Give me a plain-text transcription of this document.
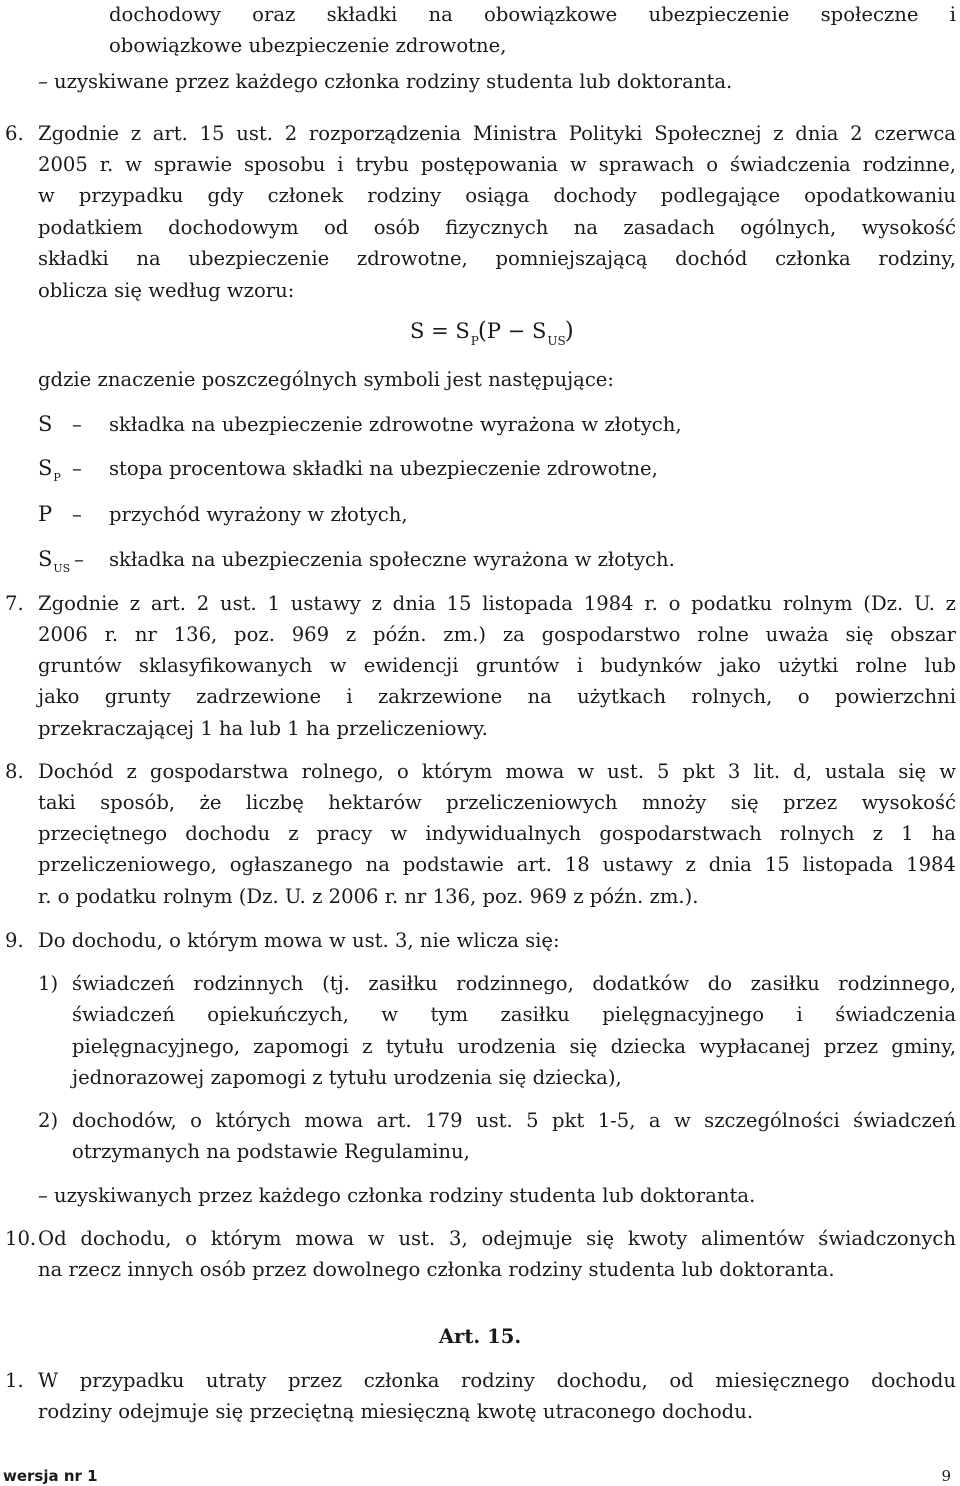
dochodowy oraz składki na obowiązkowe ubezpieczenie społeczne i
obowiązkowe ubezpieczenie zdrowotne,
– uzyskiwane przez każdego członka rodziny studenta lub doktoranta.
6. Zgodnie z art. 15 ust. 2 rozporządzenia Ministra Polityki Społecznej z dnia 2 czerwca
2005 r. w sprawie sposobu i trybu postępowania w sprawach o świadczenia rodzinne,
w przypadku gdy członek rodziny osiąga dochody podlegające opodatkowaniu
podatkiem dochodowym od osób fizycznych na zasadach ogólnych, wysokość
składki na ubezpieczenie zdrowotne, pomniejszającą dochód członka rodziny,
oblicza się według wzoru:
$S = S_P(P - S_{US})$
gdzie znaczenie poszczególnych symboli jest następujące:
S – składka na ubezpieczenie zdrowotne wyrażona w złotych,
$S_P$ – stopa procentowa składki na ubezpieczenie zdrowotne,
P – przychód wyrażony w złotych,
$S_{US}$ – składka na ubezpieczenia społeczne wyrażona w złotych.
7. Zgodnie z art. 2 ust. 1 ustawy z dnia 15 listopada 1984 r. o podatku rolnym (Dz. U. z
2006 r. nr 136, poz. 969 z późn. zm.) za gospodarstwo rolne uważa się obszar
gruntów sklasyfikowanych w ewidencji gruntów i budynków jako użytki rolne lub
jako grunty zadrzewione i zakrzewione na użytkach rolnych, o powierzchni
przekraczającej 1 ha lub 1 ha przeliczeniowy.
8. Dochód z gospodarstwa rolnego, o którym mowa w ust. 5 pkt 3 lit. d, ustala się w
taki sposób, że liczbę hektarów przeliczeniowych mnoży się przez wysokość
przeciętnego dochodu z pracy w indywidualnych gospodarstwach rolnych z 1 ha
przeliczeniowego, ogłaszanego na podstawie art. 18 ustawy z dnia 15 listopada 1984
r. o podatku rolnym (Dz. U. z 2006 r. nr 136, poz. 969 z późn. zm.).
9. Do dochodu, o którym mowa w ust. 3, nie wlicza się:
1) świadczeń rodzinnych (tj. zasiłku rodzinnego, dodatków do zasiłku rodzinnego,
świadczeń opiekuńczych, w tym zasiłku pielęgnacyjnego i świadczenia
pielęgnacyjnego, zapomogi z tytułu urodzenia się dziecka wypłacanej przez gminy,
jednorazowej zapomogi z tytułu urodzenia się dziecka),
2) dochodów, o których mowa art. 179 ust. 5 pkt 1-5, a w szczególności świadczeń
otrzymanych na podstawie Regulaminu,
– uzyskiwanych przez każdego członka rodziny studenta lub doktoranta.
10. Od dochodu, o którym mowa w ust. 3, odejmuje się kwoty alimentów świadczonych
na rzecz innych osób przez dowolnego członka rodziny studenta lub doktoranta.
Art. 15.
1. W przypadku utraty przez członka rodziny dochodu, od miesięcznego dochodu
rodziny odejmuje się przeciętną miesięczną kwotę utraconego dochodu.
wersja nr 1	9
